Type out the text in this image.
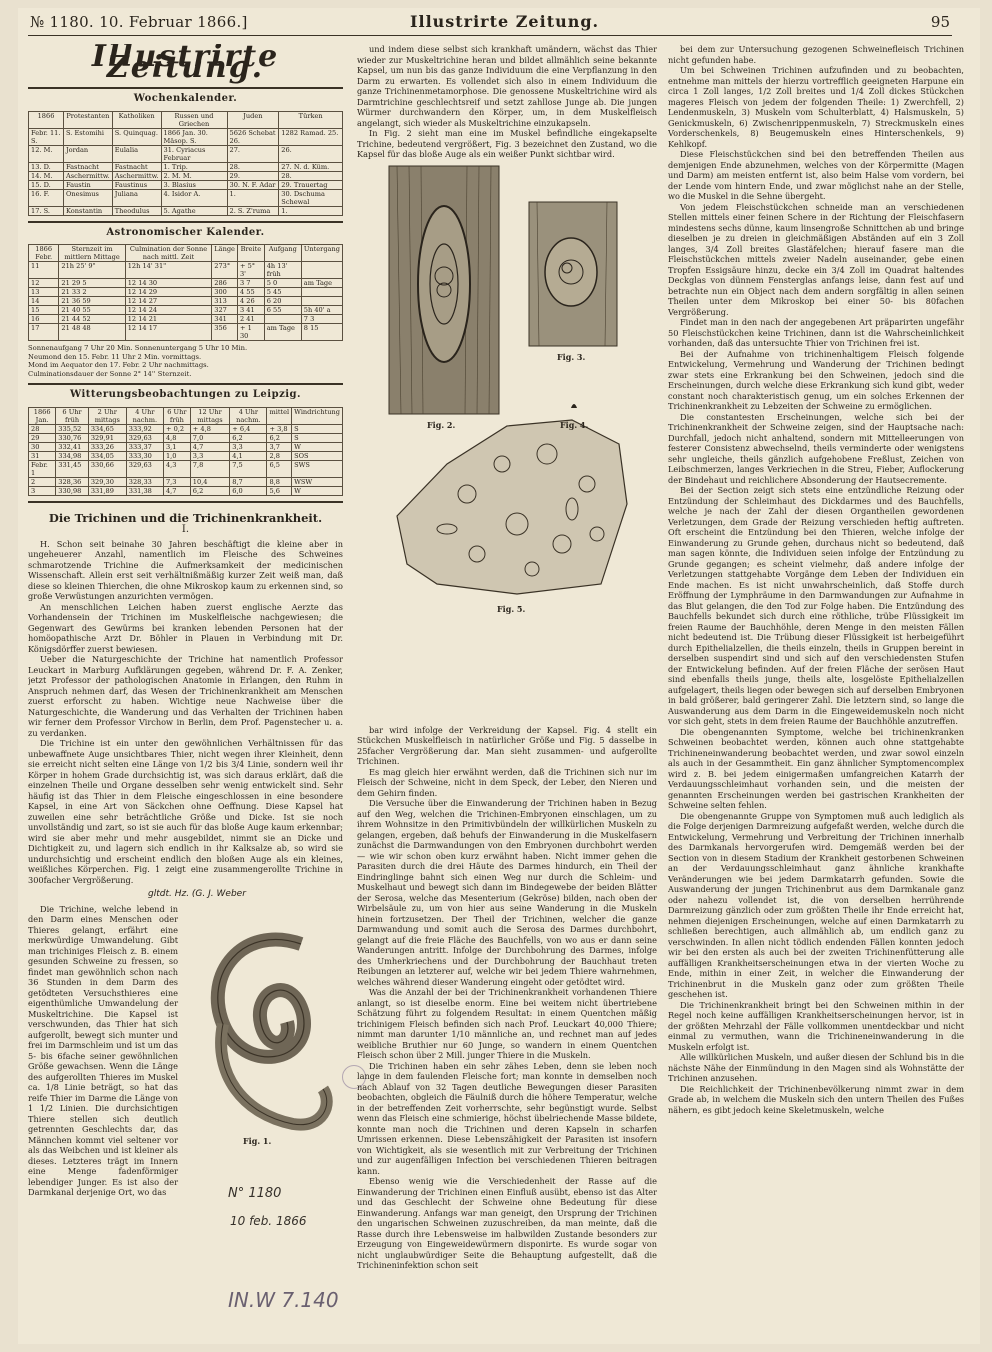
№ 1180. 10. Februar 1866.]	Illustrirte Zeitung.	95
Illustrirte Zeitung.
Wochenkalender.
1866	Protestanten	Katholiken	Russen und Griechen	Juden	Türken
Febr. 11. S.	S. Estomihi	S. Quinquag.	1866 Jan. 30. Mäsop. S.	5626 Schebat 26.	1282 Ramad. 25.
12. M.	Jordan	Eulalia	31. Cyriacus Februar	27.	26.
13. D.	Fastnacht	Fastnacht	1. Trip.	28.	27. N. d. Küm.
14. M.	Aschermittw.	Aschermittw.	2. M. M.	29.	28.
15. D.	Faustin	Faustinus	3. Blasius	30. N. F. Adar	29. Trauertag
16. F.	Onesimus	Juliana	4. Isidor A.	1.	30. Dschuma Schewal
17. S.	Konstantin	Theodulus	5. Agathe	2. S. Z'ruma	1.
Astronomischer Kalender.
1866 Febr.	Sternzeit im mittlern Mittage	Culmination der Sonne nach mittl. Zeit	Länge	Breite	Aufgang	Untergang
11	21h 25' 9"	12h 14' 31"	273°	+ 5° 3'	4h 13' früh	
12	21 29 5	12 14 30	286	3 7	5 0	am Tage
13	21 33 2	12 14 29	300	4 55	5 45	
14	21 36 59	12 14 27	313	4 26	6 20	
15	21 40 55	12 14 24	327	3 41	6 55	5h 40' a
16	21 44 52	12 14 21	341	2 41		7 3
17	21 48 48	12 14 17	356	+ 1 30	am Tage	8 15
Sonnenaufgang 7 Uhr 20 Min. Sonnenuntergang 5 Uhr 10 Min.
Neumond den 15. Febr. 11 Uhr 2 Min. vormittags.
Mond im Aequator den 17. Febr. 2 Uhr nachmittags.
Culminationsdauer der Sonne 2° 14'' Sternzeit.
Witterungsbeobachtungen zu Leipzig.
1866 Jan.	6 Uhr früh	2 Uhr mittags	4 Uhr nachm.	6 Uhr früh	12 Uhr mittags	4 Uhr nachm.	mittel	Windrichtung
28	335,52	334,65	333,92	+ 0,2	+ 4,8	+ 6,4	+ 3,8	S
29	330,76	329,91	329,63	4,8	7,0	6,2	6,2	S
30	332,41	333,26	333,37	3,1	4,7	3,3	3,7	W
31	334,98	334,05	333,30	1,0	3,3	4,1	2,8	SOS
Febr. 1	331,45	330,66	329,63	4,3	7,8	7,5	6,5	SWS
2	328,36	329,30	328,33	7,3	10,4	8,7	8,8	WSW
3	330,98	331,89	331,38	4,7	6,2	6,0	5,6	W
Die Trichinen und die Trichinenkrankheit.
I.

H. Schon seit beinahe 30 Jahren beschäftigt die kleine aber in ungeheuerer Anzahl, namentlich im Fleische des Schweines schmarotzende Trichine die Aufmerksamkeit der medicinischen Wissenschaft. Allein erst seit verhältnißmäßig kurzer Zeit weiß man, daß diese so kleinen Thierchen, die ohne Mikroskop kaum zu erkennen sind, so große Verwüstungen anzurichten vermögen.

An menschlichen Leichen haben zuerst englische Aerzte das Vorhandensein der Trichinen im Muskelfleische nachgewiesen; die Gegenwart des Gewürms bei kranken lebenden Personen hat der homöopathische Arzt Dr. Böhler in Plauen in Verbindung mit Dr. Königsdörffer zuerst bewiesen.

Ueber die Naturgeschichte der Trichine hat namentlich Professor Leuckart in Marburg Aufklärungen gegeben, während Dr. F. A. Zenker, jetzt Professor der pathologischen Anatomie in Erlangen, den Ruhm in Anspruch nehmen darf, das Wesen der Trichinenkrankheit am Menschen zuerst erforscht zu haben. Wichtige neue Nachweise über die Naturgeschichte, die Wanderung und das Verhalten der Trichinen haben wir ferner dem Professor Virchow in Berlin, dem Prof. Pagenstecher u. a. zu verdanken.

Die Trichine ist ein unter den gewöhnlichen Verhältnissen für das unbewaffnete Auge unsichtbares Thier, nicht wegen ihrer Kleinheit, denn sie erreicht nicht selten eine Länge von 1/2 bis 3/4 Linie, sondern weil ihr Körper in hohem Grade durchsichtig ist, was sich daraus erklärt, daß die einzelnen Theile und Organe desselben sehr wenig entwickelt sind. Sehr häufig ist das Thier in dem Fleische eingeschlossen in eine besondere Kapsel, in eine Art von Säckchen ohne Oeffnung. Diese Kapsel hat zuweilen eine sehr beträchtliche Größe und Dicke. Ist sie noch unvollständig und zart, so ist sie auch für das bloße Auge kaum erkennbar; wird sie aber mehr und mehr ausgebildet, nimmt sie an Dicke und Dichtigkeit zu, und lagern sich endlich in ihr Kalksalze ab, so wird sie undurchsichtig und erscheint endlich den bloßen Auge als ein kleines, weißliches Körperchen. Fig. 1 zeigt eine zusammengerollte Trichine in 300facher Vergrößerung.

gltdt. Hz. (G. J. Weber

Die Trichine, welche lebend in den Darm eines Menschen oder Thieres gelangt, erfährt eine merkwürdige Umwandelung. Gibt man trichiniges Fleisch z. B. einem gesunden Schweine zu fressen, so findet man gewöhnlich schon nach 36 Stunden in dem Darm des getödteten Versuchsthieres eine eigenthümliche Umwandelung der Muskeltrichine. Die Kapsel ist verschwunden, das Thier hat sich aufgerollt, bewegt sich munter und frei im Darmschleim und ist um das 5- bis 6fache seiner gewöhnlichen Größe gewachsen. Wenn die Länge des aufgerollten Thieres im Muskel ca. 1/8 Linie beträgt, so hat das reife Thier im Darme die Länge von 1 1/2 Linien. Die durchsichtigen Thiere stellen sich deutlich getrennten Geschlechts dar, das Männchen kommt viel seltener vor als das Weibchen und ist kleiner als dieses. Letzteres trägt im Innern eine Menge fadenförmiger lebendiger Junger. Es ist also der Darmkanal derjenige Ort, wo das

Fig. 1.
N° 1180
10 feb. 1866
IN.W 7.140

und indem diese selbst sich krankhaft umändern, wächst das Thier wieder zur Muskeltrichine heran und bildet allmählich seine bekannte Kapsel, um nun bis das ganze Individuum die eine Verpflanzung in den Darm zu erwarten. Es vollendet sich also in einem Individuum die ganze Trichinenmetamorphose. Die genossene Muskeltrichine wird als Darmtrichine geschlechtsreif und setzt zahllose Junge ab. Die jungen Würmer durchwandern den Körper, um, in dem Muskelfleisch angelangt, sich wieder als Muskeltrichine einzukapseln.

In Fig. 2 sieht man eine im Muskel befindliche eingekapselte Trichine, bedeutend vergrößert, Fig. 3 bezeichnet den Zustand, wo die Kapsel für das bloße Auge als ein weißer Punkt sichtbar wird.

Fig. 2.
Fig. 3.
Fig. 4.
Fig. 5.

bar wird infolge der Verkreidung der Kapsel. Fig. 4 stellt ein Stückchen Muskelfleisch in natürlicher Größe und Fig. 5 dasselbe in 25facher Vergrößerung dar. Man sieht zusammen- und aufgerollte Trichinen.

Es mag gleich hier erwähnt werden, daß die Trichinen sich nur im Fleisch der Schweine, nicht in dem Speck, der Leber, den Nieren und dem Gehirn finden.

Die Versuche über die Einwanderung der Trichinen haben in Bezug auf den Weg, welchen die Trichinen-Embryonen einschlagen, um zu ihrem Wohnsitze in den Primitivbündeln der willkürlichen Muskeln zu gelangen, ergeben, daß behufs der Einwanderung in die Muskelfasern zunächst die Darmwandungen von den Embryonen durchbohrt werden — wie wir schon oben kurz erwähnt haben. Nicht immer gehen die Parasiten durch die drei Häute des Darmes hindurch, ein Theil der Eindringlinge bahnt sich einen Weg nur durch die Schleim- und Muskelhaut und bewegt sich dann im Bindegewebe der beiden Blätter der Serosa, welche das Mesenterium (Gekröse) bilden, nach oben der Wirbelsäule zu, um von hier aus seine Wanderung in die Muskeln hinein fortzusetzen. Der Theil der Trichinen, welcher die ganze Darmwandung und somit auch die Serosa des Darmes durchbohrt, gelangt auf die freie Fläche des Bauchfells, von wo aus er dann seine Wanderungen antritt. Infolge der Durchbohrung des Darmes, infolge des Umherkriechens und der Durchbohrung der Bauchhaut treten Reibungen an letzterer auf, welche wir bei jedem Thiere wahrnehmen, welches während dieser Wanderung eingeht oder getödtet wird.

Was die Anzahl der bei der Trichinenkrankheit vorhandenen Thiere anlangt, so ist dieselbe enorm. Eine bei weitem nicht übertriebene Schätzung führt zu folgendem Resultat: in einem Quentchen mäßig trichinigem Fleisch befinden sich nach Prof. Leuckart 40,000 Thiere; nimmt man darunter 1/10 männliche an, und rechnet man auf jedes weibliche Bruthier nur 60 Junge, so wandern in einem Quentchen Fleisch schon über 2 Mill. junger Thiere in die Muskeln.

Die Trichinen haben ein sehr zähes Leben, denn sie leben noch lange in dem faulenden Fleische fort; man konnte in demselben noch nach Ablauf von 32 Tagen deutliche Bewegungen dieser Parasiten beobachten, obgleich die Fäulniß durch die höhere Temperatur, welche in der betreffenden Zeit vorherrschte, sehr begünstigt wurde. Selbst wenn das Fleisch eine schmierige, höchst übelriechende Masse bildete, konnte man noch die Trichinen und deren Kapseln in scharfen Umrissen erkennen. Diese Lebenszähigkeit der Parasiten ist insofern von Wichtigkeit, als sie wesentlich mit zur Verbreitung der Trichinen und zur augenfälligen Infection bei verschiedenen Thieren beitragen kann.

Ebenso wenig wie die Verschiedenheit der Rasse auf die Einwanderung der Trichinen einen Einfluß ausübt, ebenso ist das Alter und das Geschlecht der Schweine ohne Bedeutung für diese Einwanderung. Anfangs war man geneigt, den Ursprung der Trichinen den ungarischen Schweinen zuzuschreiben, da man meinte, daß die Rasse durch ihre Lebensweise im halbwilden Zustande besonders zur Erzeugung von Eingeweidewürmern disponirte. Es wurde sogar von nicht unglaubwürdiger Seite die Behauptung aufgestellt, daß die Trichineninfektion schon seit

bei dem zur Untersuchung gezogenen Schweinefleisch Trichinen nicht gefunden habe.

Um bei Schweinen Trichinen aufzufinden und zu beobachten, entnehme man mittels der hierzu vortrefflich geeigneten Harpune ein circa 1 Zoll langes, 1/2 Zoll breites und 1/4 Zoll dickes Stückchen mageres Fleisch von jedem der folgenden Theile: 1) Zwerchfell, 2) Lendenmuskeln, 3) Muskeln vom Schulterblatt, 4) Halsmuskeln, 5) Genickmuskeln, 6) Zwischenrippenmuskeln, 7) Streckmuskeln eines Vorderschenkels, 8) Beugemuskeln eines Hinterschenkels, 9) Kehlkopf.

Diese Fleischstückchen sind bei den betreffenden Theilen aus demjenigen Ende abzunehmen, welches von der Körpermitte (Magen und Darm) am meisten entfernt ist, also beim Halse vom vordern, bei der Lende vom hintern Ende, und zwar möglichst nahe an der Stelle, wo die Muskel in die Sehne übergeht.

Von jedem Fleischstückchen schneide man an verschiedenen Stellen mittels einer feinen Schere in der Richtung der Fleischfasern mindestens sechs dünne, kaum linsengroße Schnittchen ab und bringe dieselben je zu dreien in gleichmäßigen Abständen auf ein 3 Zoll langes, 3/4 Zoll breites Glastäfelchen; hierauf fasere man die Fleischstückchen mittels zweier Nadeln auseinander, gebe einen Tropfen Essigsäure hinzu, decke ein 3/4 Zoll im Quadrat haltendes Deckglas von dünnem Fensterglas anfangs leise, dann fest auf und betrachte nun ein Object nach dem andern sorgfältig in allen seinen Theilen unter dem Mikroskop bei einer 50- bis 80fachen Vergrößerung.

Findet man in den nach der angegebenen Art präparirten ungefähr 50 Fleischstückchen keine Trichinen, dann ist die Wahrscheinlichkeit vorhanden, daß das untersuchte Thier von Trichinen frei ist.

Bei der Aufnahme von trichinenhaltigem Fleisch folgende Entwickelung, Vermehrung und Wanderung der Trichinen bedingt zwar stets eine Erkrankung bei den Schweinen, jedoch sind die Erscheinungen, durch welche diese Erkrankung sich kund gibt, weder constant noch charakteristisch genug, um ein solches Erkennen der Trichinenkrankheit zu Lebzeiten der Schweine zu ermöglichen.

Die constantesten Erscheinungen, welche sich bei der Trichinenkrankheit der Schweine zeigen, sind der Hauptsache nach: Durchfall, jedoch nicht anhaltend, sondern mit Mittelleerungen von festerer Consistenz abwechselnd, theils verminderte oder wenigstens sehr ungleiche, theils gänzlich aufgehobene Freßlust, Zeichen von Leibschmerzen, langes Verkriechen in die Streu, Fieber, Auflockerung der Bindehaut und reichlichere Absonderung der Hautsecremente.

Bei der Section zeigt sich stets eine entzündliche Reizung oder Entzündung der Schleimhaut des Dickdarmes und des Bauchfells, welche je nach der Zahl der diesen Organtheilen gewordenen Verletzungen, dem Grade der Reizung verschieden heftig auftreten. Oft erscheint die Entzündung bei den Thieren, welche infolge der Einwanderung zu Grunde gehen, durchaus nicht so bedeutend, daß man sagen könnte, die Individuen seien infolge der Entzündung zu Grunde gegangen; es scheint vielmehr, daß andere infolge der Verletzungen stattgehabte Vorgänge dem Leben der Individuen ein Ende machen. Es ist nicht unwahrscheinlich, daß Stoffe durch Eröffnung der Lymphräume in den Darmwandungen zur Aufnahme in das Blut gelangen, die den Tod zur Folge haben. Die Entzündung des Bauchfells bekundet sich durch eine röthliche, trübe Flüssigkeit im freien Raume der Bauchhöhle, deren Menge in den meisten Fällen nicht bedeutend ist. Die Trübung dieser Flüssigkeit ist herbeigeführt durch Epithelialzellen, die theils einzeln, theils in Gruppen bereint in derselben suspendirt sind und sich auf den verschiedensten Stufen der Entwickelung befinden. Auf der freien Fläche der serösen Haut sind ebenfalls theils junge, theils alte, losgelöste Epithelialzellen aufgelagert, theils liegen oder bewegen sich auf derselben Embryonen in bald größerer, bald geringerer Zahl. Die letztern sind, so lange die Auswanderung aus dem Darm in die Eingeweidemuskeln noch nicht vor sich geht, stets in dem freien Raume der Bauchhöhle anzutreffen.

Die obengenannten Symptome, welche bei trichinenkranken Schweinen beobachtet werden, können auch ohne stattgehabte Trichineneinwanderung beobachtet werden, und zwar sowol einzeln als auch in der Gesammtheit. Ein ganz ähnlicher Symptomencomplex wird z. B. bei jedem einigermaßen umfangreichen Katarrh der Verdauungsschleimhaut vorhanden sein, und die meisten der genannten Erscheinungen werden bei gastrischen Krankheiten der Schweine selten fehlen.

Die obengenannte Gruppe von Symptomen muß auch lediglich als die Folge derjenigen Darmreizung aufgefaßt werden, welche durch die Entwickelung, Vermehrung und Verbreitung der Trichinen innerhalb des Darmkanals hervorgerufen wird. Demgemäß werden bei der Section von in diesem Stadium der Krankheit gestorbenen Schweinen an der Verdauungsschleimhaut ganz ähnliche krankhafte Veränderungen wie bei jedem Darmkatarrh gefunden. Sowie die Auswanderung der jungen Trichinenbrut aus dem Darmkanale ganz oder nahezu vollendet ist, die von derselben herrührende Darmreizung gänzlich oder zum größten Theile ihr Ende erreicht hat, nehmen diejenigen Erscheinungen, welche auf einen Darmkatarrh zu schließen berechtigen, auch allmählich ab, um endlich ganz zu verschwinden. In allen nicht tödlich endenden Fällen konnten jedoch wir bei den ersten als auch bei der zweiten Trichinenfütterung alle auffälligen Krankheitserscheinungen etwa in der vierten Woche zu Ende, mithin in einer Zeit, in welcher die Einwanderung der Trichinenbrut in die Muskeln ganz oder zum größten Theile geschehen ist.

Die Trichinenkrankheit bringt bei den Schweinen mithin in der Regel noch keine auffälligen Krankheitserscheinungen hervor, ist in der größten Mehrzahl der Fälle vollkommen unentdeckbar und nicht einmal zu vermuthen, wann die Trichineneinwanderung in die Muskeln erfolgt ist.

Alle willkürlichen Muskeln, und außer diesen der Schlund bis in die nächste Nähe der Einmündung in den Magen sind als Wohnstätte der Trichinen anzusehen.

Die Reichlichkeit der Trichinenbevölkerung nimmt zwar in dem Grade ab, in welchem die Muskeln sich den untern Theilen des Fußes nähern, es gibt jedoch keine Skeletmuskeln, welche
